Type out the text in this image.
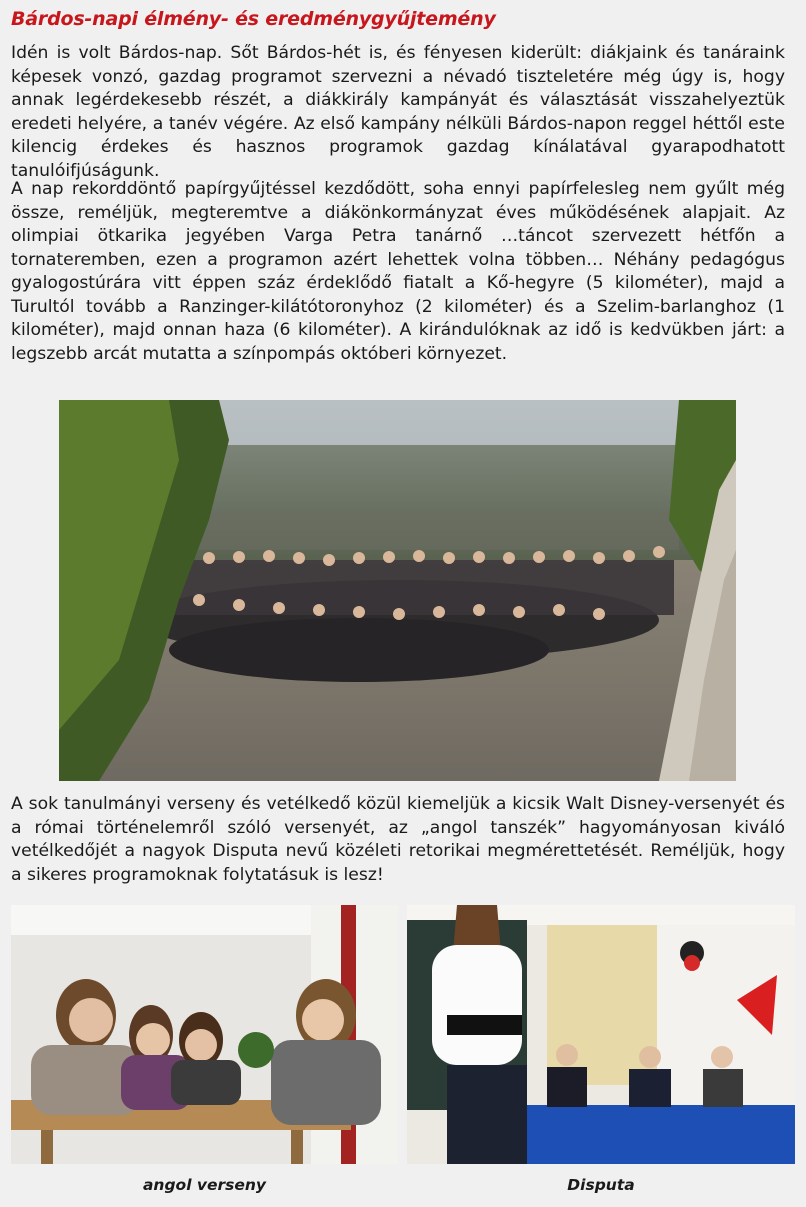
Bárdos-napi élmény- és eredménygyűjtemény

Idén is volt Bárdos-nap. Sőt Bárdos-hét is, és fényesen kiderült: diákjaink és tanáraink képesek vonzó, gazdag programot szervezni a névadó tiszteletére még úgy is, hogy annak legérdekesebb részét, a diákkirály kampányát és választását visszahelyeztük eredeti helyére, a tanév végére. Az első kampány nélküli Bárdos-napon reggel héttől este kilencig érdekes és hasznos programok gazdag kínálatával gyarapodhatott tanulóifjúságunk.

A nap rekorddöntő papírgyűjtéssel kezdődött, soha ennyi papírfelesleg nem gyűlt még össze, reméljük, megteremtve a diákönkormányzat éves működésének alapjait. Az olimpiai ötkarika jegyében Varga Petra tanárnő …táncot szervezett hétfőn a tornateremben, ezen a programon azért lehettek volna többen… Néhány pedagógus gyalogostúrára vitt éppen száz érdeklődő fiatalt a Kő-hegyre (5 kilométer), majd a Turultól tovább a Ranzinger-kilátótoronyhoz (2 kilométer) és a Szelim-barlanghoz (1 kilométer), majd onnan haza (6 kilométer). A kirándulóknak az idő is kedvükben járt: a legszebb arcát mutatta a színpompás októberi környezet.

A sok tanulmányi verseny és vetélkedő közül kiemeljük a kicsik Walt Disney-versenyét és a római történelemről szóló versenyét, az „angol tanszék” hagyományosan kiváló vetélkedőjét a nagyok Disputa nevű közéleti retorikai megmérettetését. Reméljük, hogy a sikeres programoknak folytatásuk is lesz!

angol verseny	Disputa
